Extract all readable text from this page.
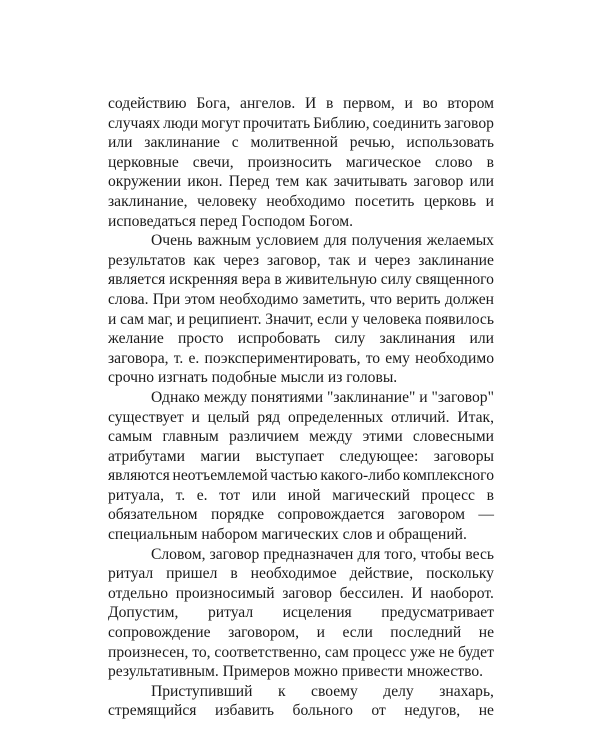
содействию Бога, ангелов. И в первом, и во втором
случаях люди могут прочитать Библию, соединить заговор
или заклинание с молитвенной речью, использовать
церковные свечи, произносить магическое слово в
окружении икон. Перед тем как зачитывать заговор или
заклинание, человеку необходимо посетить церковь и
исповедаться перед Господом Богом.
Очень важным условием для получения желаемых
результатов как через заговор, так и через заклинание
является искренняя вера в живительную силу священного
слова. При этом необходимо заметить, что верить должен
и сам маг, и реципиент. Значит, если у человека появилось
желание просто испробовать силу заклинания или
заговора, т. е. поэкспериментировать, то ему необходимо
срочно изгнать подобные мысли из головы.
Однако между понятиями "заклинание" и "заговор"
существует и целый ряд определенных отличий. Итак,
самым главным различием между этими словесными
атрибутами магии выступает следующее: заговоры
являются неотъемлемой частью какого-либо комплексного
ритуала, т. е. тот или иной магический процесс в
обязательном порядке сопровождается заговором —
специальным набором магических слов и обращений.
Словом, заговор предназначен для того, чтобы весь
ритуал пришел в необходимое действие, поскольку
отдельно произносимый заговор бессилен. И наоборот.
Допустим, ритуал исцеления предусматривает
сопровождение заговором, и если последний не
произнесен, то, соответственно, сам процесс уже не будет
результативным. Примеров можно привести множество.
Приступивший к своему делу знахарь,
стремящийся избавить больного от недугов, не
